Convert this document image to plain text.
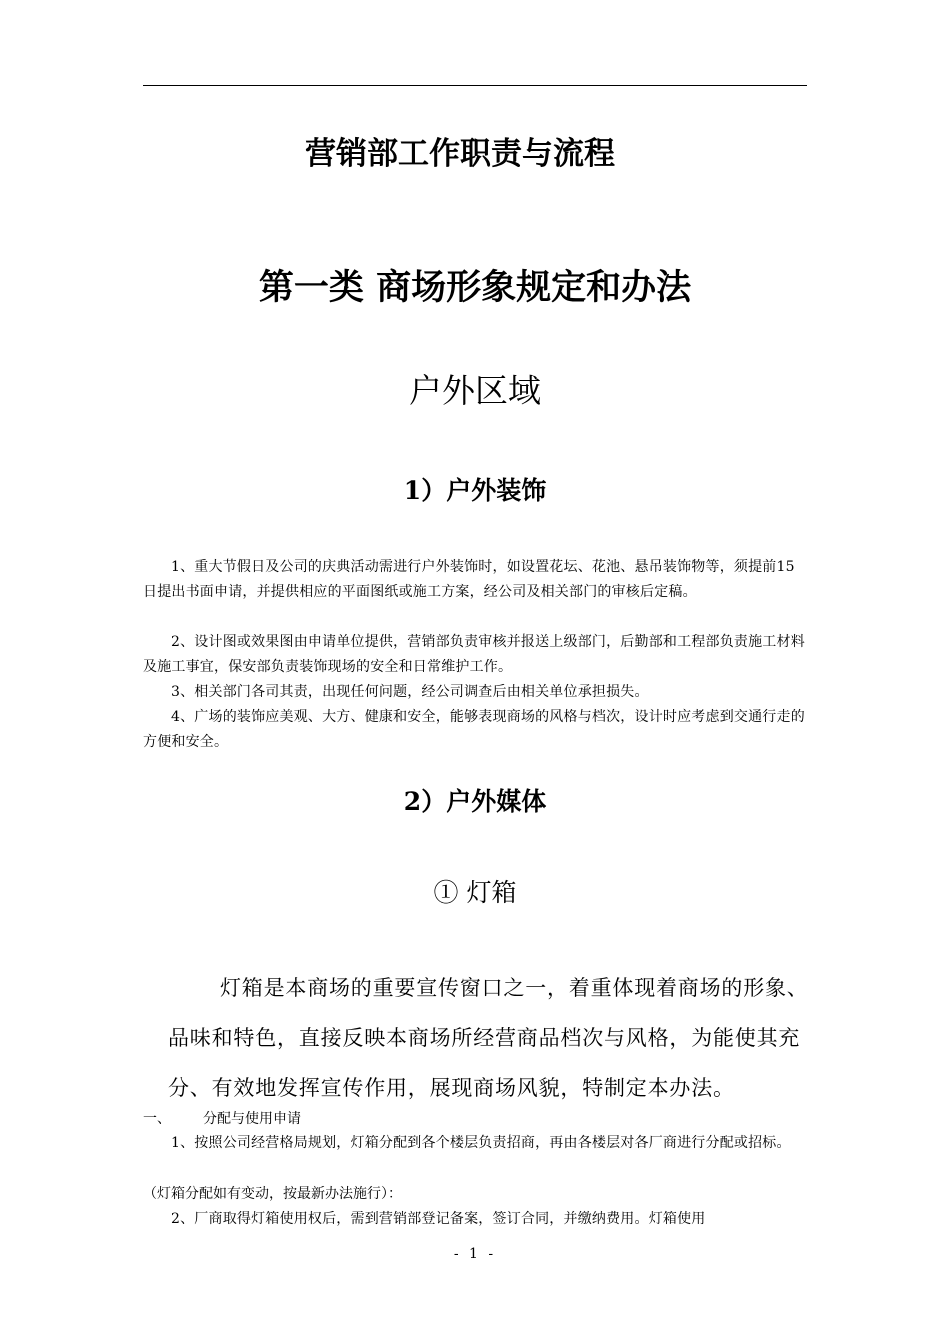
营销部工作职责与流程
第一类 商场形象规定和办法
户外区域
1）户外装饰
1、重大节假日及公司的庆典活动需进行户外装饰时，如设置花坛、花池、悬吊装饰物等，须提前15日提出书面申请，并提供相应的平面图纸或施工方案，经公司及相关部门的审核后定稿。
2、设计图或效果图由申请单位提供，营销部负责审核并报送上级部门，后勤部和工程部负责施工材料及施工事宜，保安部负责装饰现场的安全和日常维护工作。
3、相关部门各司其责，出现任何问题，经公司调查后由相关单位承担损失。
4、广场的装饰应美观、大方、健康和安全，能够表现商场的风格与档次，设计时应考虑到交通行走的方便和安全。
2）户外媒体
① 灯箱
灯箱是本商场的重要宣传窗口之一，着重体现着商场的形象、品味和特色，直接反映本商场所经营商品档次与风格，为能使其充分、有效地发挥宣传作用，展现商场风貌，特制定本办法。
一、 分配与使用申请
1、按照公司经营格局规划，灯箱分配到各个楼层负责招商，再由各楼层对各厂商进行分配或招标。
（灯箱分配如有变动，按最新办法施行）：
2、厂商取得灯箱使用权后，需到营销部登记备案，签订合同，并缴纳费用。灯箱使用
- 1 -
